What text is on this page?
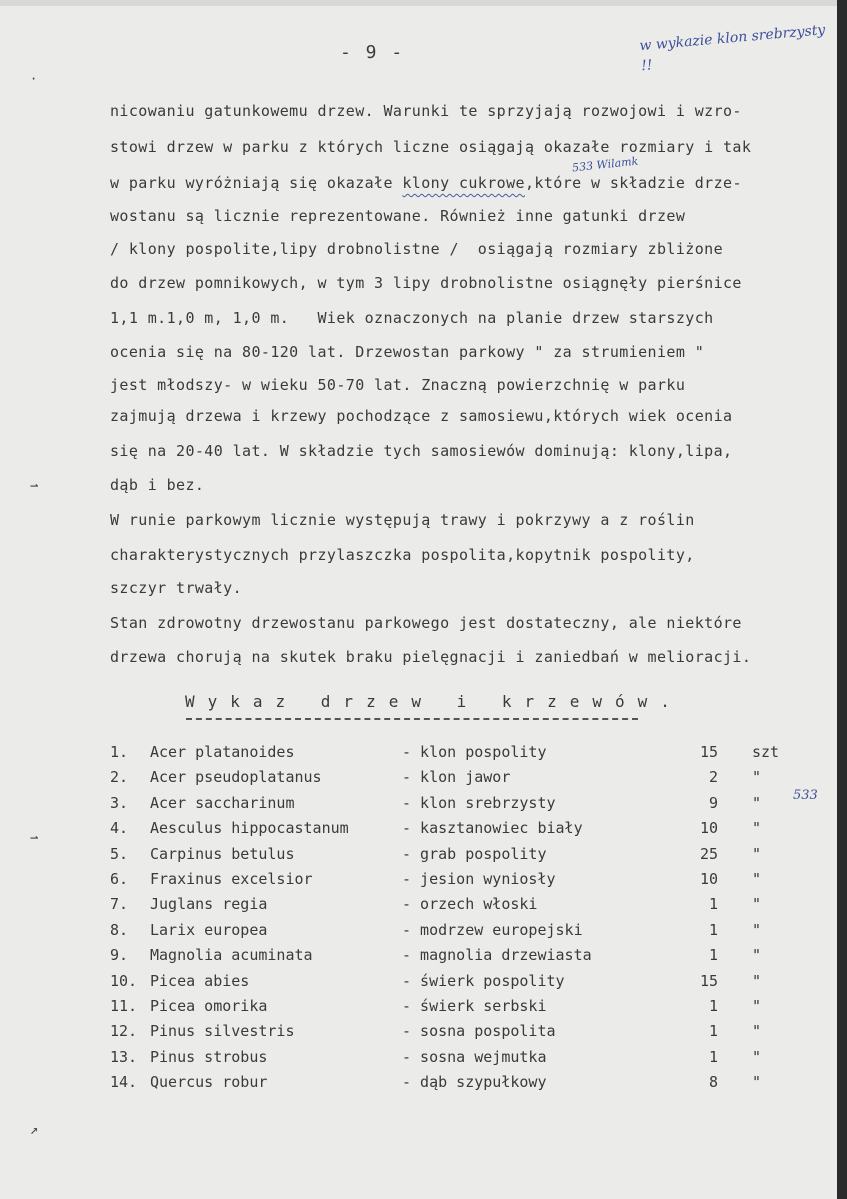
- 9 -	w wykazie klon srebrzysty !!
533 Wilamk
533
nicowaniu gatunkowemu drzew. Warunki te sprzyjają rozwojowi i wzro-
stowi drzew w parku z których liczne osiągają okazałe rozmiary i tak
w parku wyróżniają się okazałe klony cukrowe,które w składzie drze-
wostanu są licznie reprezentowane. Również inne gatunki drzew
/ klony pospolite,lipy drobnolistne /  osiągają rozmiary zbliżone
do drzew pomnikowych, w tym 3 lipy drobnolistne osiągnęły pierśnice
1,1 m.1,0 m, 1,0 m.   Wiek oznaczonych na planie drzew starszych
ocenia się na 80-120 lat. Drzewostan parkowy " za strumieniem "
jest młodszy- w wieku 50-70 lat. Znaczną powierzchnię w parku
zajmują drzewa i krzewy pochodzące z samosiewu,których wiek ocenia
się na 20-40 lat. W składzie tych samosiewów dominują: klony,lipa,
dąb i bez.
W runie parkowym licznie występują trawy i pokrzywy a z roślin
charakterystycznych przylaszczka pospolita,kopytnik pospolity,
szczyr trwały.
Stan zdrowotny drzewostanu parkowego jest dostateczny, ale niektóre
drzewa chorują na skutek braku pielęgnacji i zaniedbań w melioracji.
Wykaz drzew i krzewów.
1. Acer platanoides	- klon pospolity	15 szt
2. Acer pseudoplatanus	- klon jawor	2 "
3. Acer saccharinum	- klon srebrzysty	9 "
4. Aesculus hippocastanum	- kasztanowiec biały	10 "
5. Carpinus betulus	- grab pospolity	25 "
6. Fraxinus excelsior	- jesion wyniosły	10 "
7. Juglans regia	- orzech włoski	1 "
8. Larix europea	- modrzew europejski	1 "
9. Magnolia acuminata	- magnolia drzewiasta	1 "
10. Picea abies	- świerk pospolity	15 "
11. Picea omorika	- świerk serbski	1 "
12. Pinus silvestris	- sosna pospolita	1 "
13. Pinus strobus	- sosna wejmutka	1 "
14. Quercus robur	- dąb szypułkowy	8 "
·
⇀
⇀
↗
